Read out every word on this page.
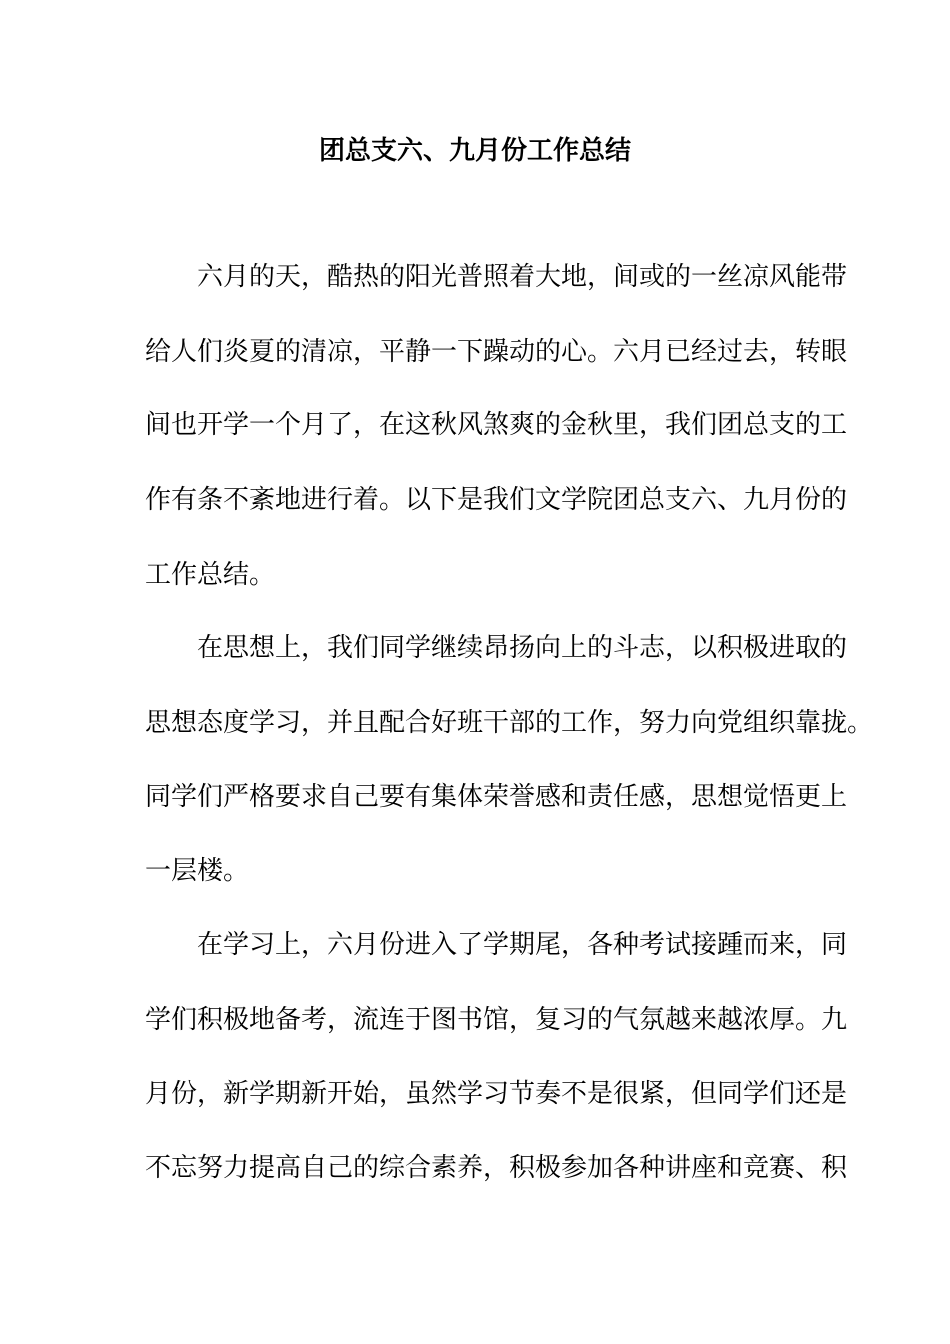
团总支六、九月份工作总结
六月的天，酷热的阳光普照着大地，间或的一丝凉风能带
给人们炎夏的清凉，平静一下躁动的心。六月已经过去，转眼
间也开学一个月了，在这秋风煞爽的金秋里，我们团总支的工
作有条不紊地进行着。以下是我们文学院团总支六、九月份的
工作总结。
在思想上，我们同学继续昂扬向上的斗志，以积极进取的
思想态度学习，并且配合好班干部的工作，努力向党组织靠拢。
同学们严格要求自己要有集体荣誉感和责任感，思想觉悟更上
一层楼。
在学习上，六月份进入了学期尾，各种考试接踵而来，同
学们积极地备考，流连于图书馆，复习的气氛越来越浓厚。九
月份，新学期新开始，虽然学习节奏不是很紧，但同学们还是
不忘努力提高自己的综合素养，积极参加各种讲座和竞赛、积
